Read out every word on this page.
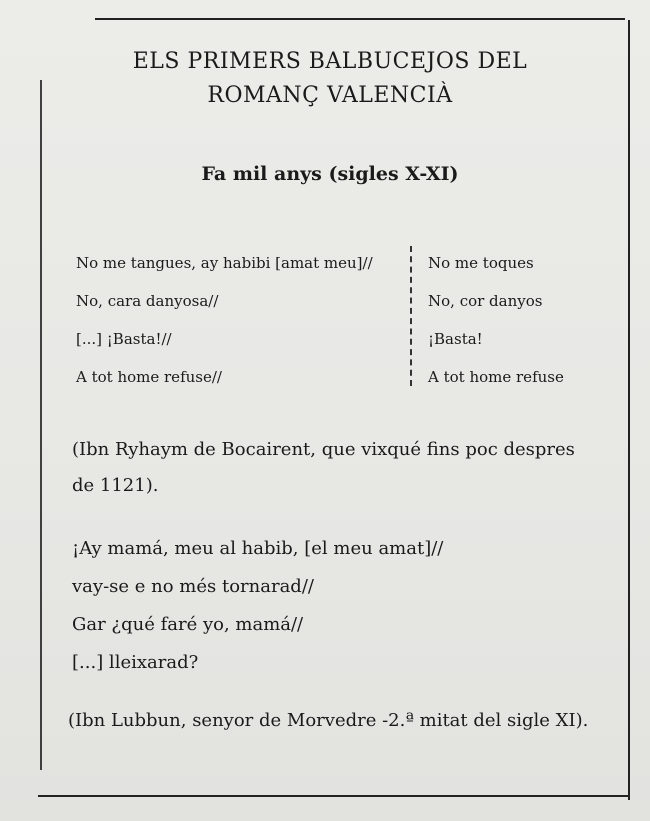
ELS PRIMERS BALBUCEJOS DEL
ROMANÇ VALENCIÀ
Fa mil anys (sigles X-XI)
No me tangues, ay habibi [amat meu]//
No, cara danyosa//
[...] ¡Basta!//
A tot home refuse//
No me toques
No, cor danyos
¡Basta!
A tot home refuse
(Ibn Ryhaym de Bocairent, que vixqué fins poc despres de 1121).
¡Ay mamá, meu al habib, [el meu amat]//
vay-se e no més tornarad//
Gar ¿qué faré yo, mamá//
[...] lleixarad?
(Ibn Lubbun, senyor de Morvedre -2.ª mitat del sigle XI).
